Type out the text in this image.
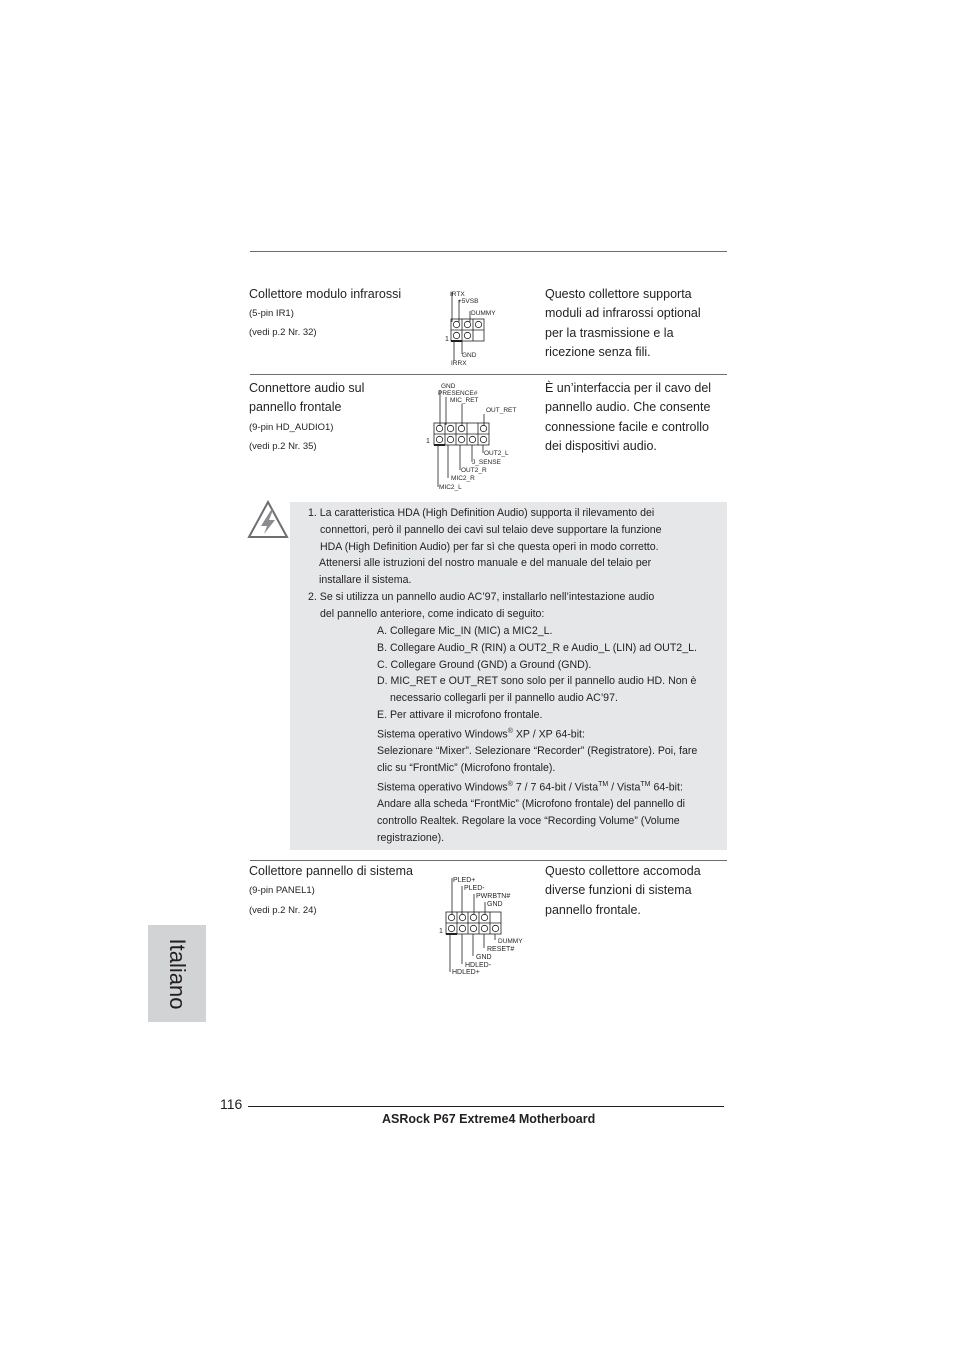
Collettore modulo infrarossi
(5-pin IR1)
(vedi p.2 Nr. 32)
Questo collettore supporta
moduli ad infrarossi optional
per la trasmissione e la
ricezione senza fili.
IRTX
+5VSB
DUMMY
1
GND
IRRX
Connettore audio sul
pannello frontale
(9-pin HD_AUDIO1)
(vedi p.2 Nr. 35)
È un’interfaccia per il cavo del
pannello audio. Che consente
connessione facile e controllo
dei dispositivi audio.
GND
PRESENCE#
MIC_RET
OUT_RET
1
OUT2_L
J_SENSE
OUT2_R
MIC2_R
MIC2_L
1. La caratteristica HDA (High Definition Audio) supporta il rilevamento dei
connettori, però il pannello dei cavi sul telaio deve supportare la funzione
HDA (High Definition Audio) per far sì che questa operi in modo corretto.
Attenersi alle istruzioni del nostro manuale e del manuale del telaio per
installare il sistema.
2. Se si utilizza un pannello audio AC’97, installarlo nell’intestazione audio
del pannello anteriore, come indicato di seguito:
A. Collegare Mic_IN (MIC) a MIC2_L.
B. Collegare Audio_R (RIN) a OUT2_R e Audio_L (LIN) ad OUT2_L.
C. Collegare Ground (GND) a Ground (GND).
D. MIC_RET e OUT_RET sono solo per il pannello audio HD. Non è
necessario collegarli per il pannello audio AC’97.
E. Per attivare il microfono frontale.
Sistema operativo Windows® XP / XP 64-bit:
Selezionare “Mixer”. Selezionare “Recorder” (Registratore). Poi, fare
clic su “FrontMic” (Microfono frontale).
Sistema operativo Windows® 7 / 7 64-bit / Vista™ / Vista™ 64-bit:
Andare alla scheda “FrontMic” (Microfono frontale) del pannello di
controllo Realtek. Regolare la voce “Recording Volume” (Volume
registrazione).
Collettore pannello di sistema
(9-pin PANEL1)
(vedi p.2 Nr. 24)
Questo collettore accomoda
diverse funzioni di sistema
pannello frontale.
PLED+
PLED-
PWRBTN#
GND
1
DUMMY
RESET#
GND
HDLED-
HDLED+
Italiano
116
ASRock P67 Extreme4 Motherboard
